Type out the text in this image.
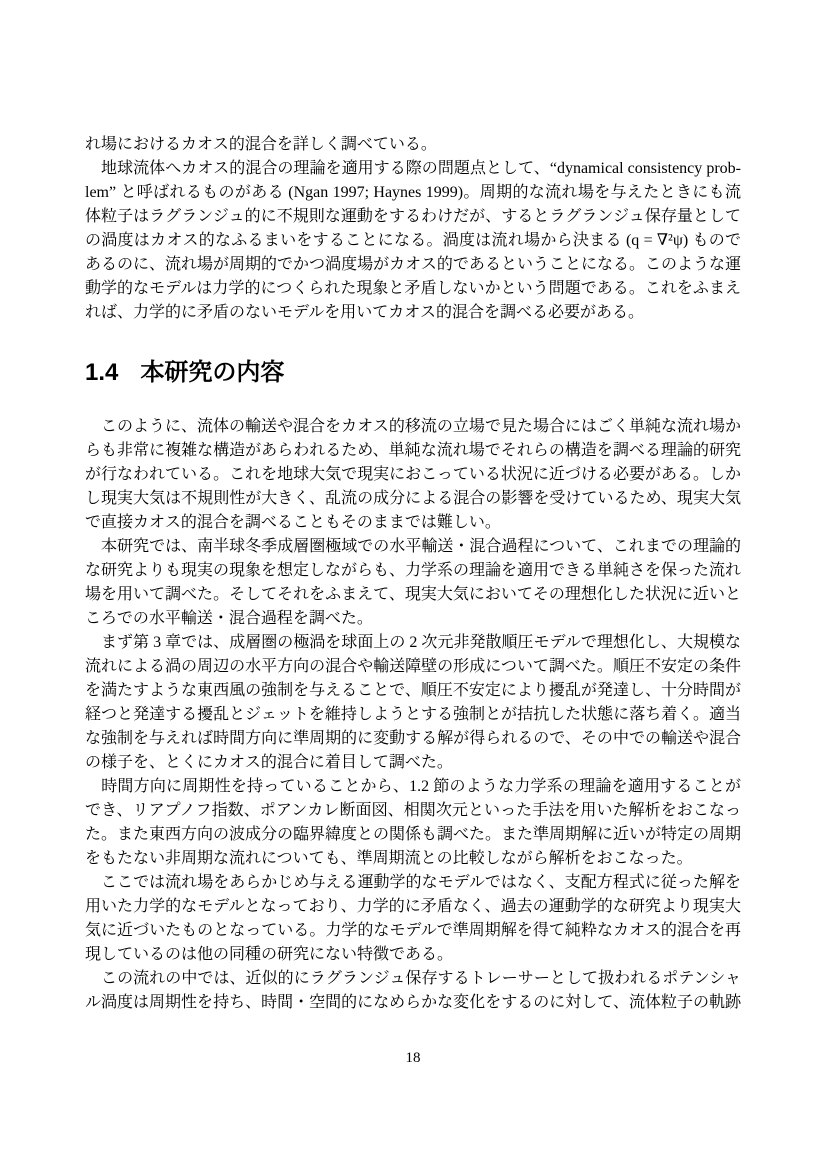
れ場におけるカオス的混合を詳しく調べている。
　地球流体へカオス的混合の理論を適用する際の問題点として、“dynamical consistency prob-
lem” と呼ばれるものがある (Ngan 1997; Haynes 1999)。周期的な流れ場を与えたときにも流
体粒子はラグランジュ的に不規則な運動をするわけだが、するとラグランジュ保存量として
の渦度はカオス的なふるまいをすることになる。渦度は流れ場から決まる (q = ∇²ψ) もので
あるのに、流れ場が周期的でかつ渦度場がカオス的であるということになる。このような運
動学的なモデルは力学的につくられた現象と矛盾しないかという問題である。これをふまえ
れば、力学的に矛盾のないモデルを用いてカオス的混合を調べる必要がある。
1.4 本研究の内容
　このように、流体の輸送や混合をカオス的移流の立場で見た場合にはごく単純な流れ場か
らも非常に複雑な構造があらわれるため、単純な流れ場でそれらの構造を調べる理論的研究
が行なわれている。これを地球大気で現実におこっている状況に近づける必要がある。しか
し現実大気は不規則性が大きく、乱流の成分による混合の影響を受けているため、現実大気
で直接カオス的混合を調べることもそのままでは難しい。
　本研究では、南半球冬季成層圏極域での水平輸送・混合過程について、これまでの理論的
な研究よりも現実の現象を想定しながらも、力学系の理論を適用できる単純さを保った流れ
場を用いて調べた。そしてそれをふまえて、現実大気においてその理想化した状況に近いと
ころでの水平輸送・混合過程を調べた。
　まず第 3 章では、成層圏の極渦を球面上の 2 次元非発散順圧モデルで理想化し、大規模な
流れによる渦の周辺の水平方向の混合や輸送障壁の形成について調べた。順圧不安定の条件
を満たすような東西風の強制を与えることで、順圧不安定により擾乱が発達し、十分時間が
経つと発達する擾乱とジェットを維持しようとする強制とが拮抗した状態に落ち着く。適当
な強制を与えれば時間方向に準周期的に変動する解が得られるので、その中での輸送や混合
の様子を、とくにカオス的混合に着目して調べた。
　時間方向に周期性を持っていることから、1.2 節のような力学系の理論を適用することが
でき、リアプノフ指数、ポアンカレ断面図、相関次元といった手法を用いた解析をおこなっ
た。また東西方向の波成分の臨界緯度との関係も調べた。また準周期解に近いが特定の周期
をもたない非周期な流れについても、準周期流との比較しながら解析をおこなった。
　ここでは流れ場をあらかじめ与える運動学的なモデルではなく、支配方程式に従った解を
用いた力学的なモデルとなっており、力学的に矛盾なく、過去の運動学的な研究より現実大
気に近づいたものとなっている。力学的なモデルで準周期解を得て純粋なカオス的混合を再
現しているのは他の同種の研究にない特徴である。
　この流れの中では、近似的にラグランジュ保存するトレーサーとして扱われるポテンシャ
ル渦度は周期性を持ち、時間・空間的になめらかな変化をするのに対して、流体粒子の軌跡
18
